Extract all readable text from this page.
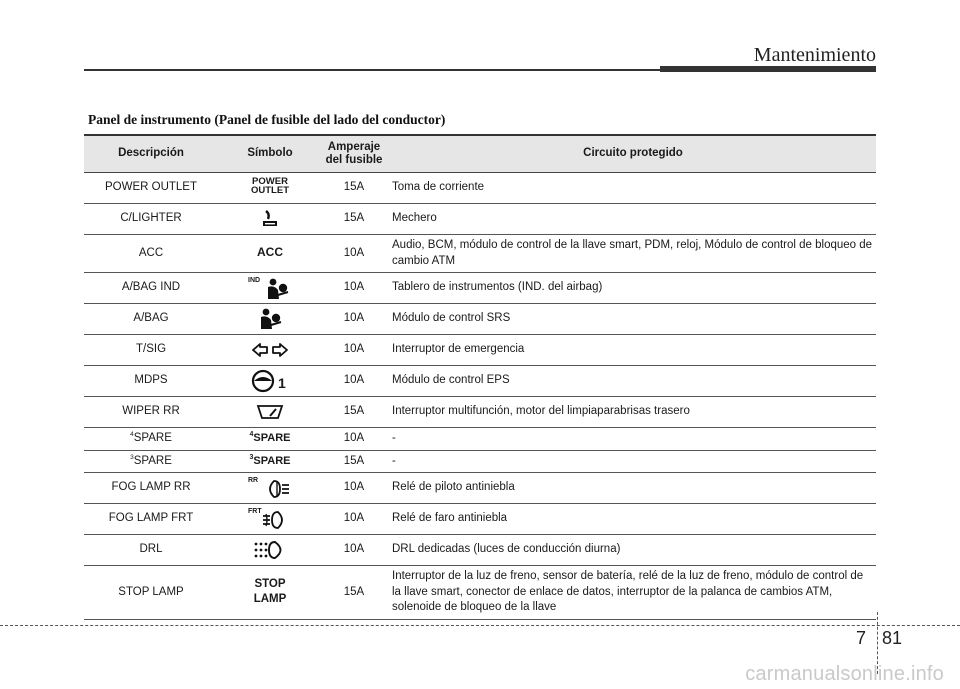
Mantenimiento
Panel de instrumento (Panel de fusible del lado del conductor)
Descripción	Símbolo	Amperaje del fusible	Circuito protegido
POWER OUTLET	POWER OUTLET	15A	Toma de corriente
C/LIGHTER		15A	Mechero
ACC	ACC	10A	Audio, BCM, módulo de control de la llave smart, PDM, reloj, Módulo de control de bloqueo de cambio ATM
A/BAG IND	IND	10A	Tablero de instrumentos (IND. del airbag)
A/BAG		10A	Módulo de control SRS
T/SIG		10A	Interruptor de emergencia
MDPS	1	10A	Módulo de control EPS
WIPER RR		15A	Interruptor multifunción, motor del limpiaparabrisas trasero
$^4$SPARE	$^4$SPARE	10A	-
$^3$SPARE	$^3$SPARE	15A	-
FOG LAMP RR	RR	10A	Relé de piloto antiniebla
FOG LAMP FRT	FRT	10A	Relé de faro antiniebla
DRL		10A	DRL dedicadas (luces de conducción diurna)
STOP LAMP	STOP LAMP	15A	Interruptor de la luz de freno, sensor de batería, relé de la luz de freno, módulo de control de la llave smart, conector de enlace de datos, interruptor de la palanca de cambios ATM, solenoide de bloqueo de la llave
7 81
carmanualsonline.info
